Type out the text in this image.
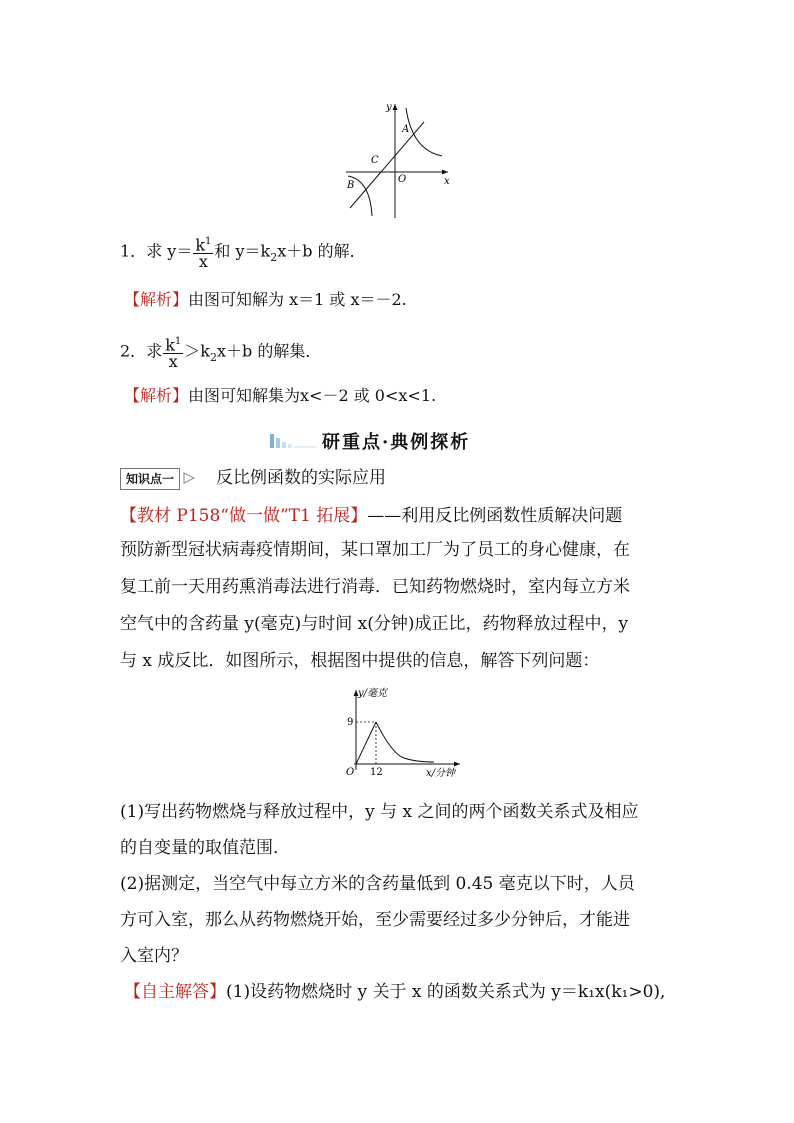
y
x
A
B
C
O
1．求 $y= \frac{k^1}{x}$ 和 $y=k_2x+b$ 的解．
【解析】由图可知解为 x＝1 或 x＝－2.
2．求 $\frac{k^1}{x} >k_2x+b$ 的解集．
【解析】由图可知解集为x<－2 或 0<x<1.
研重点·典例探析
知识点一	反比例函数的实际应用
【教材 P158“做一做”T1 拓展】——利用反比例函数性质解决问题
预防新型冠状病毒疫情期间，某口罩加工厂为了员工的身心健康，在
复工前一天用药熏消毒法进行消毒．已知药物燃烧时，室内每立方米
空气中的含药量 y(毫克)与时间 x(分钟)成正比，药物释放过程中，y
与 x 成反比．如图所示，根据图中提供的信息，解答下列问题：
y/毫克
9
O 12	x/分钟
(1)写出药物燃烧与释放过程中，y 与 x 之间的两个函数关系式及相应
的自变量的取值范围．
(2)据测定，当空气中每立方米的含药量低到 0.45 毫克以下时，人员
方可入室，那么从药物燃烧开始，至少需要经过多少分钟后，才能进
入室内？
【自主解答】(1)设药物燃烧时 y 关于 x 的函数关系式为 y＝k₁x(k₁>0),
